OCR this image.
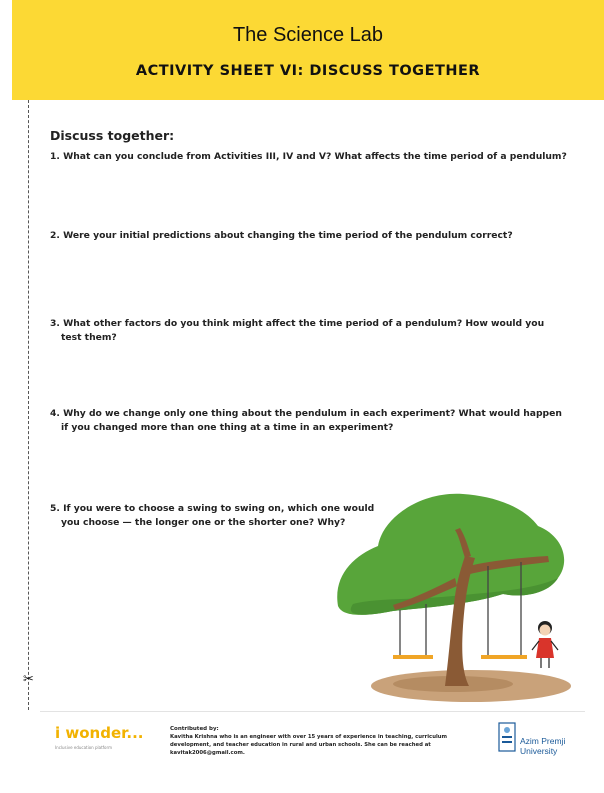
The Science Lab
ACTIVITY SHEET VI: DISCUSS TOGETHER
✂
Discuss together:
1. What can you conclude from Activities III, IV and V? What affects the time period of a pendulum?
2. Were your initial predictions about changing the time period of the pendulum correct?
3. What other factors do you think might affect the time period of a pendulum? How would you
test them?
4. Why do we change only one thing about the pendulum in each experiment? What would happen
if you changed more than one thing at a time in an experiment?
5. If you were to choose a swing to swing on, which one would
you choose — the longer one or the shorter one? Why?
i wonder...
Inclusive education platform
Contributed by:
Kavitha Krishna who is an engineer with over 15 years of experience in teaching, curriculum development, and teacher education in rural and urban schools. She can be reached at kavitak2006@gmail.com.
Azim Premji
University
